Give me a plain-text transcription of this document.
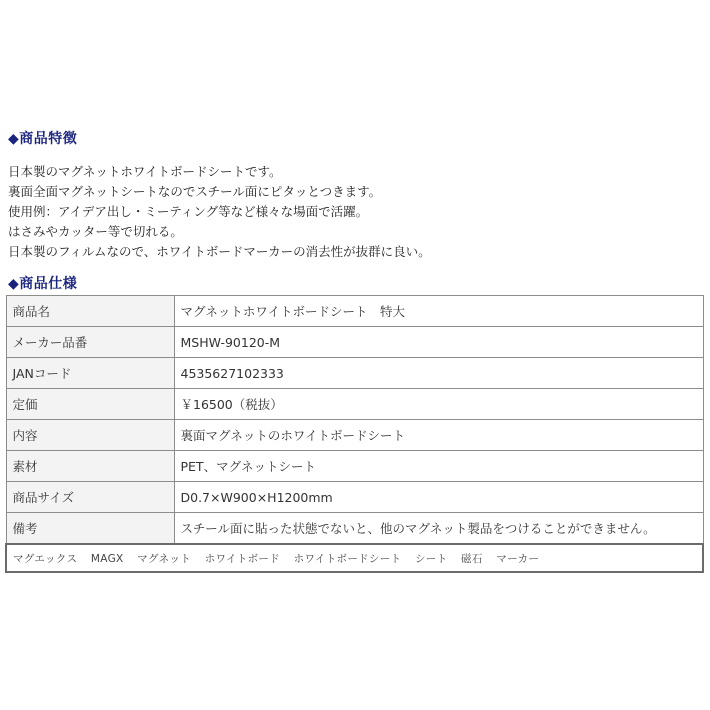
◆商品特徴
日本製のマグネットホワイトボードシートです。
裏面全面マグネットシートなのでスチール面にピタッとつきます。
使用例：アイデア出し・ミーティング等など様々な場面で活躍。
はさみやカッター等で切れる。
日本製のフィルムなので、ホワイトボードマーカーの消去性が抜群に良い。
◆商品仕様
商品名	マグネットホワイトボードシート　特大
メーカー品番	MSHW-90120-M
JANコード	4535627102333
定価	￥16500（税抜）
内容	裏面マグネットのホワイトボードシート
素材	PET、マグネットシート
商品サイズ	D0.7×W900×H1200mm
備考	スチール面に貼った状態でないと、他のマグネット製品をつけることができません。
マグエックス MAGX マグネット ホワイトボード ホワイトボードシート シート 磁石 マーカー	
